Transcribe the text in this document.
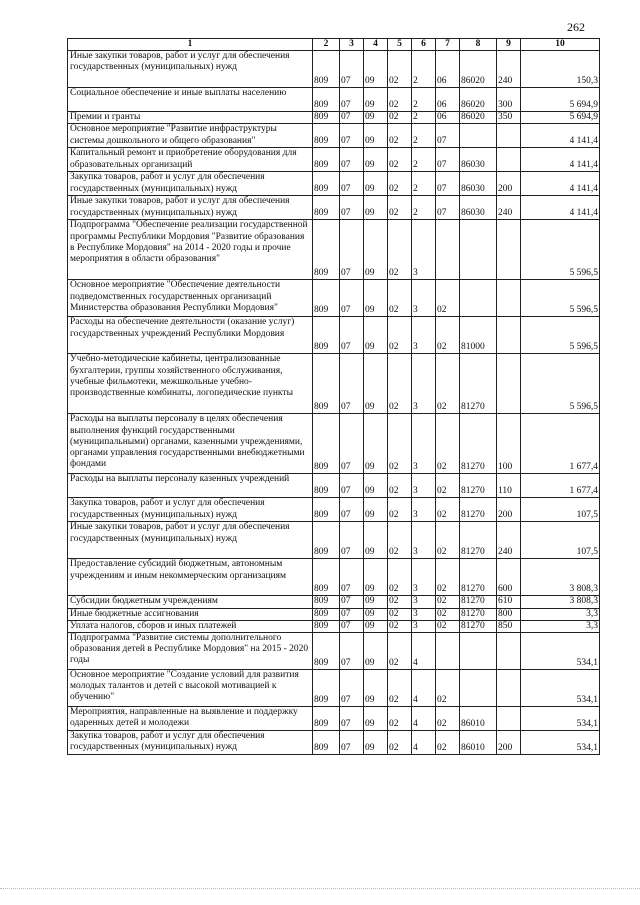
262
1	2	3	4	5	6	7	8	9	10
Иные закупки товаров, работ и услуг для обеспечения государственных (муниципальных) нужд	809	07	09	02	2	06	86020	240	150,3
Социальное обеспечение и иные выплаты населению	809	07	09	02	2	06	86020	300	5 694,9
Премии и гранты	809	07	09	02	2	06	86020	350	5 694,9
Основное мероприятие "Развитие инфраструктуры системы дошкольного и общего образования"	809	07	09	02	2	07			4 141,4
Капитальный ремонт и приобретение оборудования для образовательных организаций	809	07	09	02	2	07	86030		4 141,4
Закупка товаров, работ и услуг для обеспечения государственных (муниципальных) нужд	809	07	09	02	2	07	86030	200	4 141,4
Иные закупки товаров, работ и услуг для обеспечения государственных (муниципальных) нужд	809	07	09	02	2	07	86030	240	4 141,4
Подпрограмма "Обеспечение реализации государственной программы Республики Мордовия "Развитие образования в Республике Мордовия" на 2014 - 2020 годы и прочие мероприятия в области образования"	809	07	09	02	3				5 596,5
Основное мероприятие "Обеспечение деятельности подведомственных государственных организаций Министерства образования Республики Мордовия"	809	07	09	02	3	02			5 596,5
Расходы на обеспечение деятельности (оказание услуг) государственных учреждений Республики Мордовия	809	07	09	02	3	02	81000		5 596,5
Учебно-методические кабинеты, централизованные бухгалтерии, группы хозяйственного обслуживания, учебные фильмотеки, межшкольные учебно-производственные комбинаты, логопедические пункты	809	07	09	02	3	02	81270		5 596,5
Расходы на выплаты персоналу в целях обеспечения выполнения функций государственными (муниципальными) органами, казенными учреждениями, органами управления государственными внебюджетными фондами	809	07	09	02	3	02	81270	100	1 677,4
Расходы на выплаты персоналу казенных учреждений	809	07	09	02	3	02	81270	110	1 677,4
Закупка товаров, работ и услуг для обеспечения государственных (муниципальных) нужд	809	07	09	02	3	02	81270	200	107,5
Иные закупки товаров, работ и услуг для обеспечения государственных (муниципальных) нужд	809	07	09	02	3	02	81270	240	107,5
Предоставление субсидий бюджетным, автономным учреждениям и иным некоммерческим организациям	809	07	09	02	3	02	81270	600	3 808,3
Субсидии бюджетным учреждениям	809	07	09	02	3	02	81270	610	3 808,3
Иные бюджетные ассигнования	809	07	09	02	3	02	81270	800	3,3
Уплата налогов, сборов и иных платежей	809	07	09	02	3	02	81270	850	3,3
Подпрограмма "Развитие системы дополнительного образования детей в Республике Мордовия" на 2015 - 2020 годы	809	07	09	02	4				534,1
Основное мероприятие "Создание условий для развития молодых талантов и детей с высокой мотивацией к обучению"	809	07	09	02	4	02			534,1
Мероприятия, направленные на выявление и поддержку одаренных детей и молодежи	809	07	09	02	4	02	86010		534,1
Закупка товаров, работ и услуг для обеспечения государственных (муниципальных) нужд	809	07	09	02	4	02	86010	200	534,1
